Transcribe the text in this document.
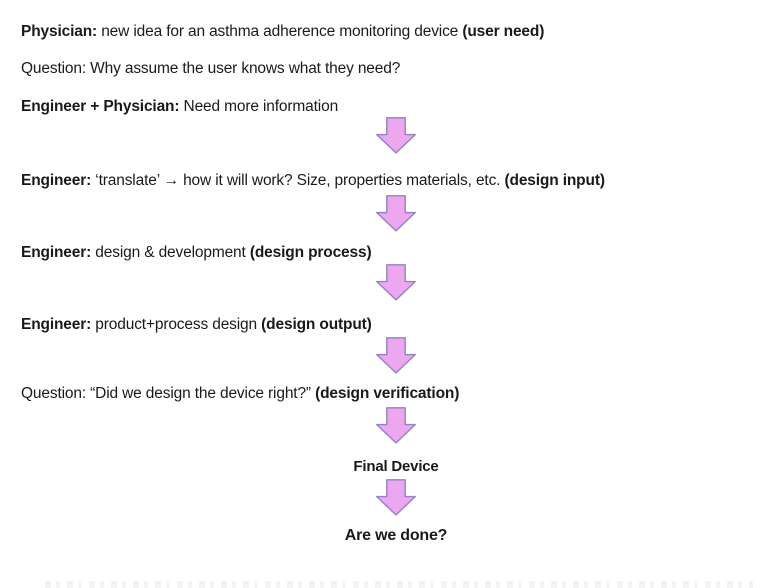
Physician: new idea for an asthma adherence monitoring device (user need)
Question: Why assume the user knows what they need?
Engineer + Physician: Need more information
Engineer: ‘translate’ → how it will work? Size, properties materials, etc. (design input)
Engineer: design & development (design process)
Engineer: product+process design (design output)
Question: “Did we design the device right?” (design verification)
Final Device
Are we done?
